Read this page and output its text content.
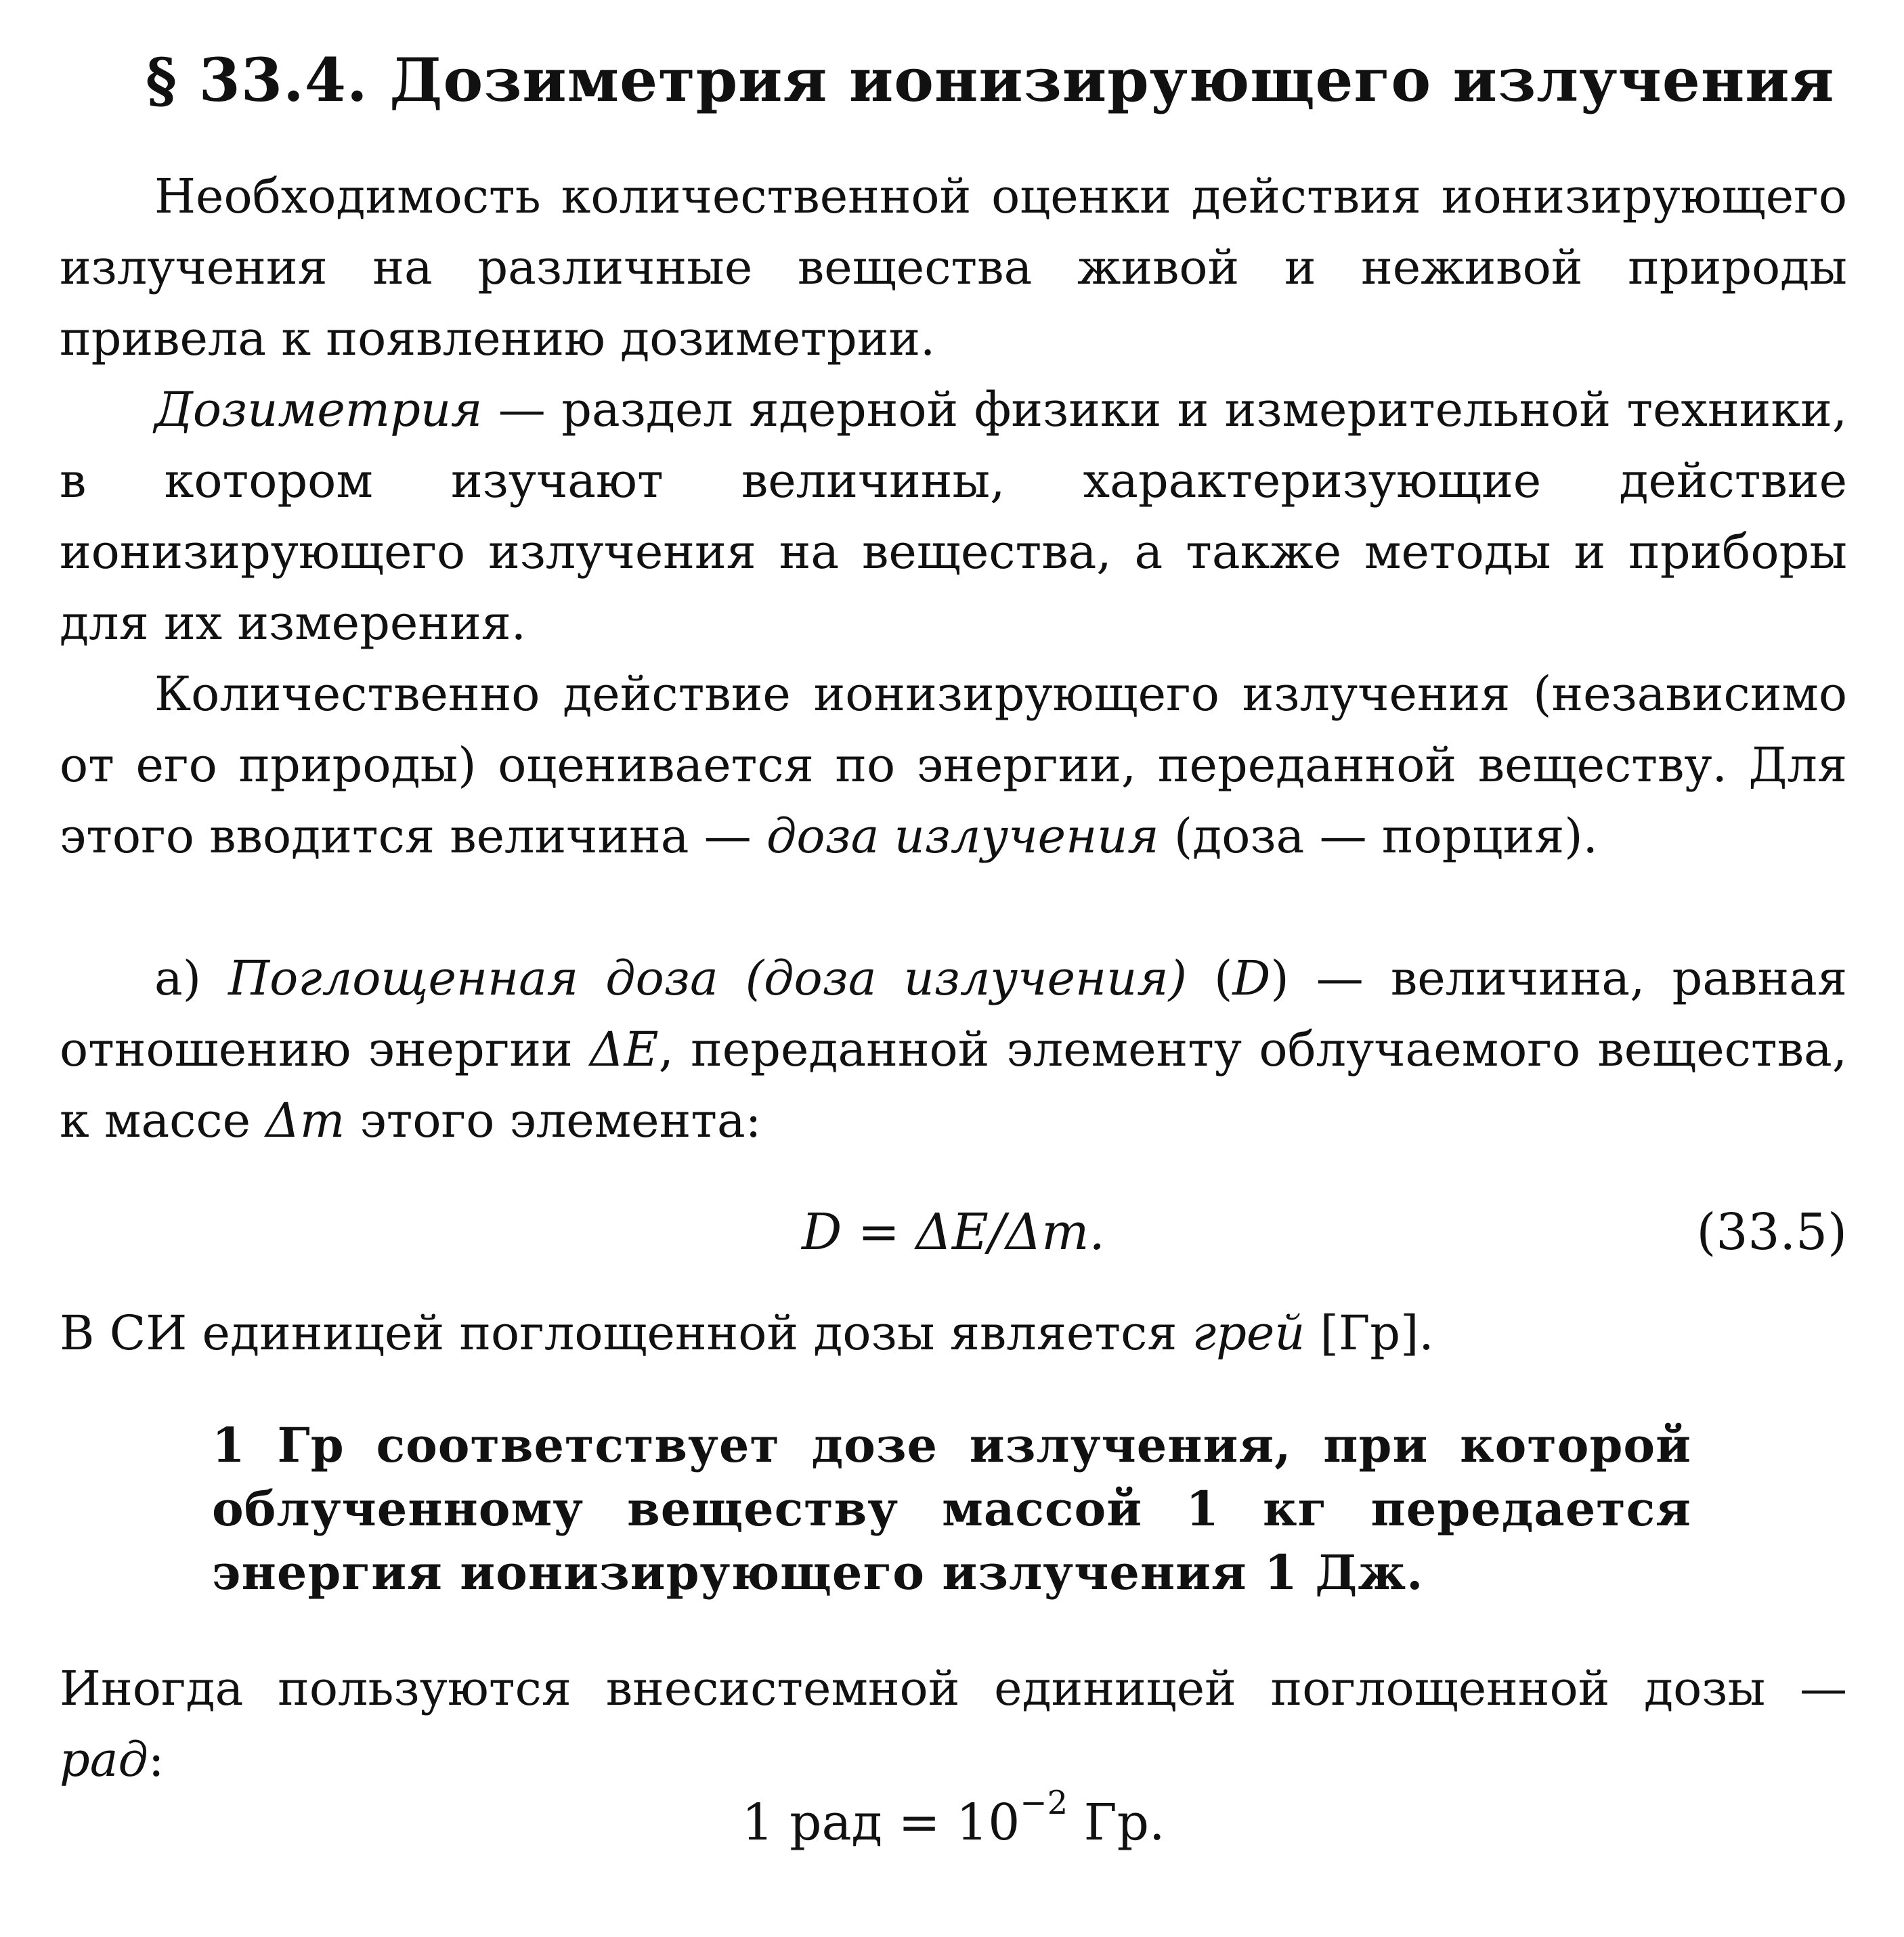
§ 33.4. Дозиметрия ионизирующего излучения

Необходимость количественной оценки действия ионизирующего излучения на различные вещества живой и неживой природы привела к появлению дозиметрии.

Дозиметрия — раздел ядерной физики и измерительной техники, в котором изучают величины, характеризующие действие ионизирующего излучения на вещества, а также методы и приборы для их измерения.

Количественно действие ионизирующего излучения (независимо от его природы) оценивается по энергии, переданной веществу. Для этого вводится величина — доза излучения (доза — порция).

а) Поглощенная доза (доза излучения) (D) — величина, равная отношению энергии ΔE, переданной элементу облучаемого вещества, к массе Δm этого элемента:

D = ΔE/Δm.	(33.5)

В СИ единицей поглощенной дозы является грей [Гр].

1 Гр соответствует дозе излучения, при которой облученному веществу массой 1 кг передается энергия ионизирующего излучения 1 Дж.

Иногда пользуются внесистемной единицей поглощенной дозы — рад:

1 рад = $10^{-2}$ Гр.
